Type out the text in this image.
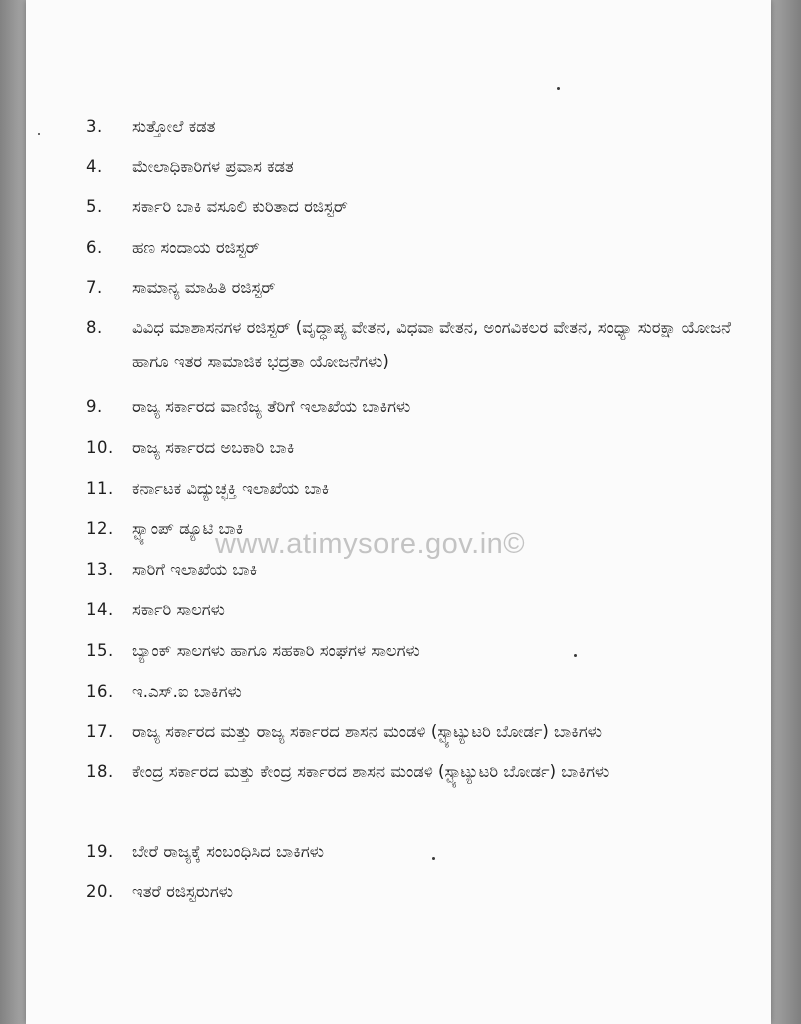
3.	ಸುತ್ತೋಲೆ ಕಡತ
4.	ಮೇಲಾಧಿಕಾರಿಗಳ ಪ್ರವಾಸ ಕಡತ
5.	ಸರ್ಕಾರಿ ಬಾಕಿ ವಸೂಲಿ ಕುರಿತಾದ ರಜಿಸ್ಟರ್
6.	ಹಣ ಸಂದಾಯ ರಜಿಸ್ಟರ್
7.	ಸಾಮಾನ್ಯ ಮಾಹಿತಿ ರಜಿಸ್ಟರ್
8.	ವಿವಿಧ ಮಾಶಾಸನಗಳ ರಜಿಸ್ಟರ್ (ವೃದ್ಧಾಪ್ಯ ವೇತನ, ವಿಧವಾ ವೇತನ, ಅಂಗವಿಕಲರ ವೇತನ, ಸಂಧ್ಯಾ ಸುರಕ್ಷಾ ಯೋಜನೆ ಹಾಗೂ ಇತರ ಸಾಮಾಜಿಕ ಭದ್ರತಾ ಯೋಜನೆಗಳು)
9.	ರಾಜ್ಯ ಸರ್ಕಾರದ ವಾಣಿಜ್ಯ ತೆರಿಗೆ ಇಲಾಖೆಯ ಬಾಕಿಗಳು
10.	ರಾಜ್ಯ ಸರ್ಕಾರದ ಅಬಕಾರಿ ಬಾಕಿ
11.	ಕರ್ನಾಟಕ ವಿದ್ಯುಚ್ಛಕ್ತಿ ಇಲಾಖೆಯ ಬಾಕಿ
12.	ಸ್ಟ್ಯಾಂಪ್ ಡ್ಯೂಟಿ ಬಾಕಿ
13.	ಸಾರಿಗೆ ಇಲಾಖೆಯ ಬಾಕಿ
14.	ಸರ್ಕಾರಿ ಸಾಲಗಳು
15.	ಬ್ಯಾಂಕ್ ಸಾಲಗಳು ಹಾಗೂ ಸಹಕಾರಿ ಸಂಘಗಳ ಸಾಲಗಳು
16.	ಇ.ಎಸ್.ಐ ಬಾಕಿಗಳು
17.	ರಾಜ್ಯ ಸರ್ಕಾರದ ಮತ್ತು ರಾಜ್ಯ ಸರ್ಕಾರದ ಶಾಸನ ಮಂಡಳಿ (ಸ್ಟ್ಯಾಟ್ಯುಟರಿ ಬೋರ್ಡ) ಬಾಕಿಗಳು
18.	ಕೇಂದ್ರ ಸರ್ಕಾರದ ಮತ್ತು ಕೇಂದ್ರ ಸರ್ಕಾರದ ಶಾಸನ ಮಂಡಳಿ (ಸ್ಟ್ಯಾಟ್ಯುಟರಿ ಬೋರ್ಡ) ಬಾಕಿಗಳು
19.	ಬೇರೆ ರಾಜ್ಯಕ್ಕೆ ಸಂಬಂಧಿಸಿದ ಬಾಕಿಗಳು
20.	ಇತರೆ ರಜಿಸ್ಟರುಗಳು
www.atimysore.gov.in©
